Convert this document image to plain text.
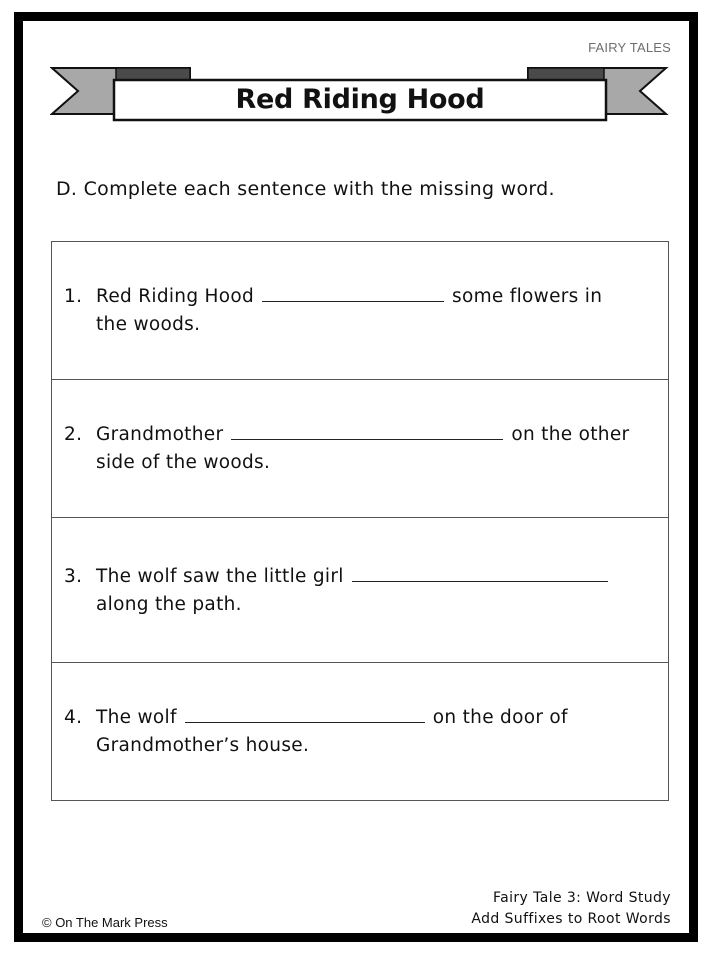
FAIRY TALES
Red Riding Hood
D. Complete each sentence with the missing word.
1. Red Riding Hood	some flowers in
the woods.
2. Grandmother	on the other
side of the woods.
3. The wolf saw the little girl
along the path.
4. The wolf	on the door of
Grandmother’s house.
Fairy Tale 3: Word Study
Add Suffixes to Root Words
© On The Mark Press
